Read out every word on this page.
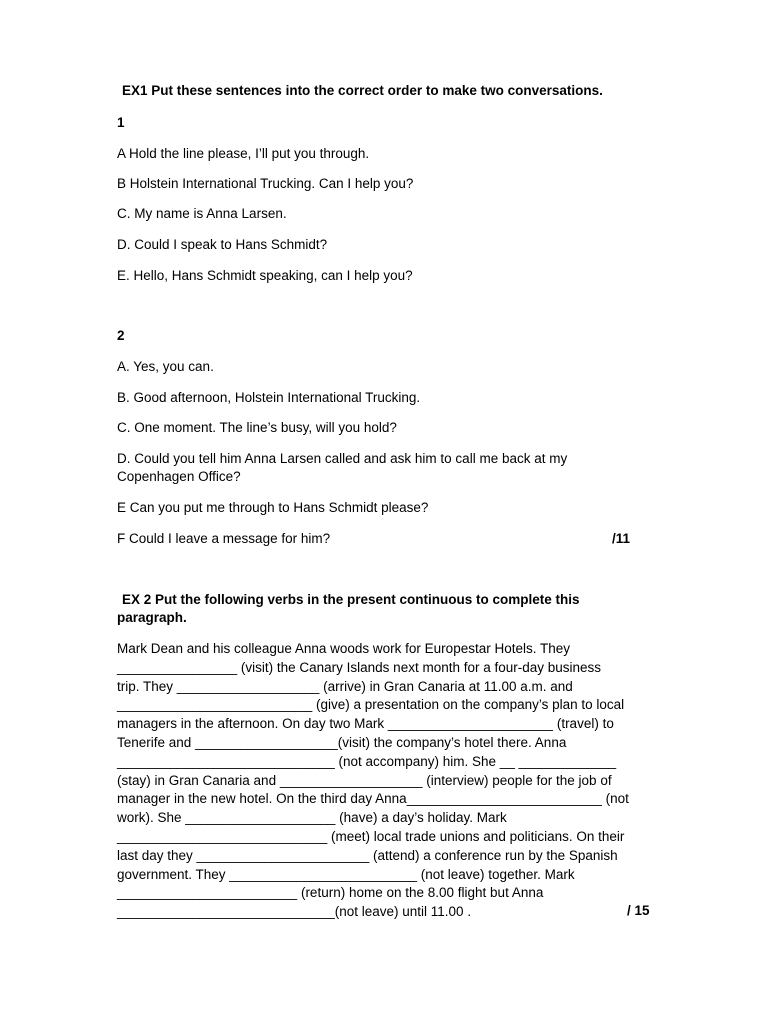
EX1 Put these sentences into the correct order to make two conversations.
1
A Hold the line please, I’ll put you through.
B Holstein International Trucking. Can I help you?
C. My name is Anna Larsen.
D. Could I speak to Hans Schmidt?
E. Hello, Hans Schmidt speaking, can I help you?
2
A. Yes, you can.
B. Good afternoon, Holstein International Trucking.
C. One moment. The line’s busy, will you hold?
D. Could you tell him Anna Larsen called and ask him to call me back at my
Copenhagen Office?
E Can you put me through to Hans Schmidt please?
F Could I leave a message for him?	/11
EX 2 Put the following verbs in the present continuous to complete this
paragraph.
Mark Dean and his colleague Anna woods work for Europestar Hotels. They
________________ (visit) the Canary Islands next month for a four-day business
trip. They ___________________ (arrive) in Gran Canaria at 11.00 a.m. and
__________________________ (give) a presentation on the company’s plan to local
managers in the afternoon. On day two Mark ______________________ (travel) to
Tenerife and ___________________(visit) the company’s hotel there. Anna
_____________________________ (not accompany) him. She __ _____________
(stay) in Gran Canaria and ___________________ (interview) people for the job of
manager in the new hotel. On the third day Anna__________________________ (not
work). She ____________________ (have) a day’s holiday. Mark
____________________________ (meet) local trade unions and politicians. On their
last day they _______________________ (attend) a conference run by the Spanish
government. They _________________________ (not leave) together. Mark
________________________ (return) home on the 8.00 flight but Anna
_____________________________(not leave) until 11.00 .	/ 15
